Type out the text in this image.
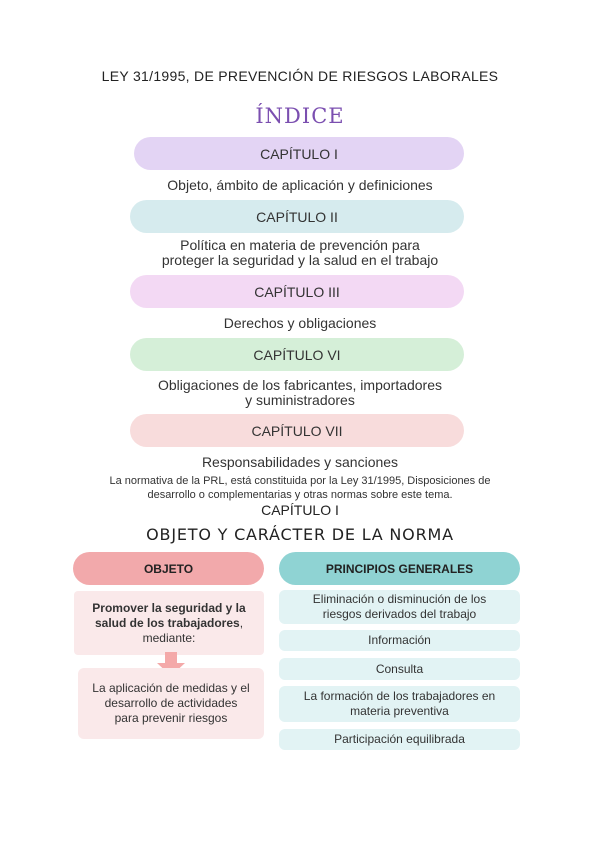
LEY 31/1995, DE PREVENCIÓN DE RIESGOS LABORALES
ÍNDICE
CAPÍTULO I
Objeto, ámbito de aplicación y definiciones
CAPÍTULO II
Política en materia de prevención para
proteger la seguridad y la salud en el trabajo
CAPÍTULO III
Derechos y obligaciones
CAPÍTULO VI
Obligaciones de los fabricantes, importadores
y suministradores
CAPÍTULO VII
Responsabilidades y sanciones
La normativa de la PRL, está constituida por la Ley 31/1995, Disposiciones de
desarrollo o complementarias y otras normas sobre este tema.
CAPÍTULO I
OBJETO Y CARÁCTER DE LA NORMA
OBJETO
Promover la seguridad y la
salud de los trabajadores,
mediante:
La aplicación de medidas y el
desarrollo de actividades
para prevenir riesgos
PRINCIPIOS GENERALES
Eliminación o disminución de los
riesgos derivados del trabajo
Información
Consulta
La formación de los trabajadores en
materia preventiva
Participación equilibrada
